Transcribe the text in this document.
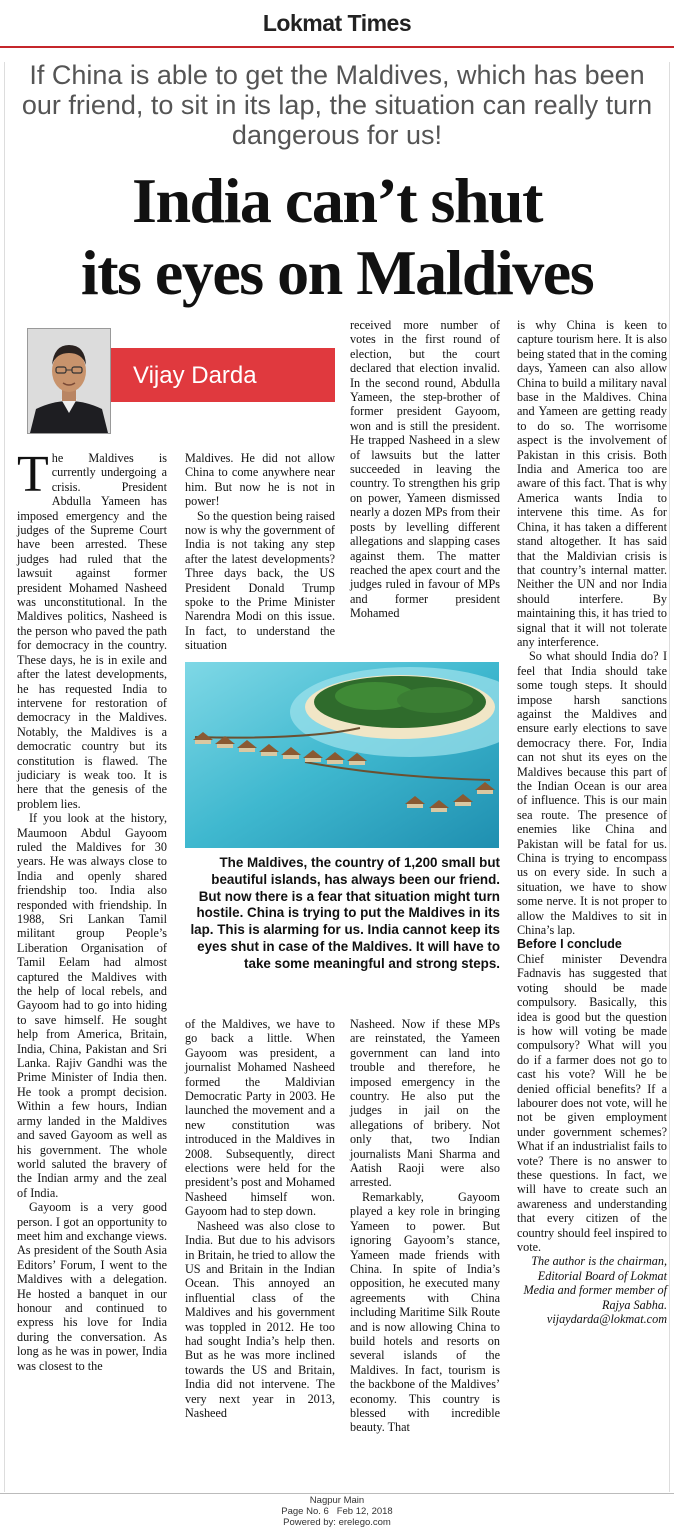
Lokmat Times
If China is able to get the Maldives, which has been our friend, to sit in its lap, the situation can really turn dangerous for us!
India can’t shut
its eyes on Maldives
Vijay Darda

The Maldives is currently undergoing a crisis. President Abdulla Yameen has imposed emergency and the judges of the Supreme Court have been arrested. These judges had ruled that the lawsuit against former president Mohamed Nasheed was unconstitutional. In the Maldives politics, Nasheed is the person who paved the path for democracy in the country. These days, he is in exile and after the latest developments, he has requested India to intervene for restoration of democracy in the Maldives. Notably, the Maldives is a democratic country but its constitution is flawed. The judiciary is weak too. It is here that the genesis of the problem lies.

If you look at the history, Maumoon Abdul Gayoom ruled the Maldives for 30 years. He was always close to India and openly shared friendship too. India also responded with friendship. In 1988, Sri Lankan Tamil militant group People’s Liberation Organisation of Tamil Eelam had almost captured the Maldives with the help of local rebels, and Gayoom had to go into hiding to save himself. He sought help from America, Britain, India, China, Pakistan and Sri Lanka. Rajiv Gandhi was the Prime Minister of India then. He took a prompt decision. Within a few hours, Indian army landed in the Maldives and saved Gayoom as well as his government. The whole world saluted the bravery of the Indian army and the zeal of India.

Gayoom is a very good person. I got an opportunity to meet him and exchange views. As president of the South Asia Editors’ Forum, I went to the Maldives with a delegation. He hosted a banquet in our honour and continued to express his love for India during the conversation. As long as he was in power, India was closest to the

Maldives. He did not allow China to come anywhere near him. But now he is not in power!

So the question being raised now is why the government of India is not taking any step after the latest developments? Three days back, the US President Donald Trump spoke to the Prime Minister Narendra Modi on this issue. In fact, to understand the situation

received more number of votes in the first round of election, but the court declared that election invalid. In the second round, Abdulla Yameen, the step-brother of former president Gayoom, won and is still the president. He trapped Nasheed in a slew of lawsuits but the latter succeeded in leaving the country. To strengthen his grip on power, Yameen dismissed nearly a dozen MPs from their posts by levelling different allegations and slapping cases against them. The matter reached the apex court and the judges ruled in favour of MPs and former president Mohamed

The Maldives, the country of 1,200 small but beautiful islands, has always been our friend. But now there is a fear that situation might turn hostile. China is trying to put the Maldives in its lap. This is alarming for us. India cannot keep its eyes shut in case of the Maldives. It will have to take some meaningful and strong steps.

of the Maldives, we have to go back a little. When Gayoom was president, a journalist Mohamed Nasheed formed the Maldivian Democratic Party in 2003. He launched the movement and a new constitution was introduced in the Maldives in 2008. Subsequently, direct elections were held for the president’s post and Mohamed Nasheed himself won. Gayoom had to step down.

Nasheed was also close to India. But due to his advisors in Britain, he tried to allow the US and Britain in the Indian Ocean. This annoyed an influential class of the Maldives and his government was toppled in 2012. He too had sought India’s help then. But as he was more inclined towards the US and Britain, India did not intervene. The very next year in 2013, Nasheed

Nasheed. Now if these MPs are reinstated, the Yameen government can land into trouble and therefore, he imposed emergency in the country. He also put the judges in jail on the allegations of bribery. Not only that, two Indian journalists Mani Sharma and Aatish Raoji were also arrested.

Remarkably, Gayoom played a key role in bringing Yameen to power. But ignoring Gayoom’s stance, Yameen made friends with China. In spite of India’s opposition, he executed many agreements with China including Maritime Silk Route and is now allowing China to build hotels and resorts on several islands of the Maldives. In fact, tourism is the backbone of the Maldives’ economy. This country is blessed with incredible beauty. That

is why China is keen to capture tourism here. It is also being stated that in the coming days, Yameen can also allow China to build a military naval base in the Maldives. China and Yameen are getting ready to do so. The worrisome aspect is the involvement of Pakistan in this crisis. Both India and America too are aware of this fact. That is why America wants India to intervene this time. As for China, it has taken a different stand altogether. It has said that the Maldivian crisis is that country’s internal matter. Neither the UN and nor India should interfere. By maintaining this, it has tried to signal that it will not tolerate any interference.

So what should India do? I feel that India should take some tough steps. It should impose harsh sanctions against the Maldives and ensure early elections to save democracy there. For, India can not shut its eyes on the Maldives because this part of the Indian Ocean is our area of influence. This is our main sea route. The presence of enemies like China and Pakistan will be fatal for us. China is trying to encompass us on every side. In such a situation, we have to show some nerve. It is not proper to allow the Maldives to sit in China’s lap.

Before I conclude

Chief minister Devendra Fadnavis has suggested that voting should be made compulsory. Basically, this idea is good but the question is how will voting be made compulsory? What will you do if a farmer does not go to cast his vote? Will he be denied official benefits? If a labourer does not vote, will he not be given employment under government schemes? What if an industrialist fails to vote? There is no answer to these questions. In fact, we will have to create such an awareness and understanding that every citizen of the country should feel inspired to vote.

The author is the chairman, Editorial Board of Lokmat Media and former member of Rajya Sabha. vijaydarda@lokmat.com

Nagpur Main
Page No. 6   Feb 12, 2018
Powered by: erelego.com
